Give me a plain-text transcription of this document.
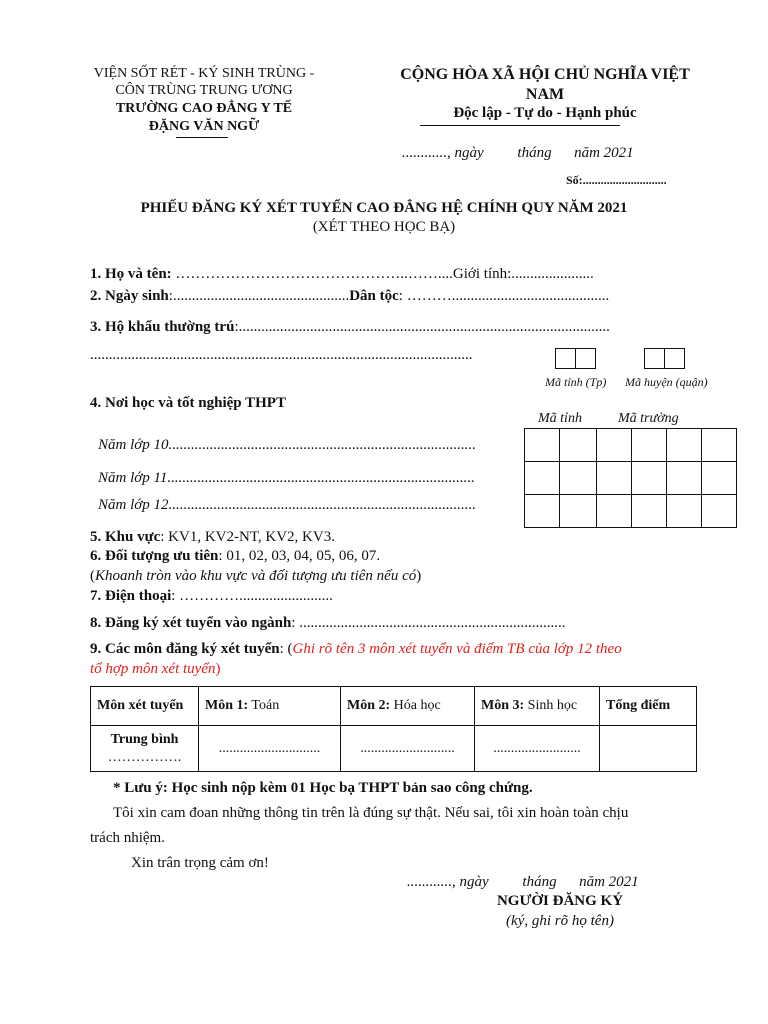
VIỆN SỐT RÉT - KÝ SINH TRÙNG -
CÔN TRÙNG TRUNG ƯƠNG
TRƯỜNG CAO ĐẲNG Y TẾ
ĐẶNG VĂN NGỮ
CỘNG HÒA XÃ HỘI CHỦ NGHĨA VIỆT
NAM
Độc lập - Tự do - Hạnh phúc
............, ngày         tháng      năm 2021
Số:............................
PHIẾU ĐĂNG KÝ XÉT TUYỂN CAO ĐẲNG HỆ CHÍNH QUY NĂM 2021
(XÉT THEO HỌC BẠ)
1. Họ và tên: ………………………………………..……....Giới tính:......................
2. Ngày sinh:...............................................Dân tộc: ………..........................................
3. Hộ khẩu thường trú:...................................................................................................
......................................................................................................

Mã tỉnh (Tp) Mã huyện (quận)
4. Nơi học và tốt nghiệp THPT
Mã tỉnh	Mã trường
Năm lớp 10..................................................................................
Năm lớp 11..................................................................................
Năm lớp 12..................................................................................

5. Khu vực: KV1, KV2-NT, KV2, KV3.
6. Đối tượng ưu tiên: 01, 02, 03, 04, 05, 06, 07.
(Khoanh tròn vào khu vực và đối tượng ưu tiên nếu có)
7. Điện thoại: ………….........................
8. Đăng ký xét tuyển vào ngành: .......................................................................
9. Các môn đăng ký xét tuyển: (Ghi rõ tên 3 môn xét tuyển và điểm TB của lớp 12 theo
tổ hợp môn xét tuyển)
Môn xét tuyển	Môn 1: Toán	Môn 2: Hóa học	Môn 3: Sinh học	Tổng điểm

Trung bình
…………….	.............................	...........................	.........................	
* Lưu ý: Học sinh nộp kèm 01 Học bạ THPT bản sao công chứng.
Tôi xin cam đoan những thông tin trên là đúng sự thật. Nếu sai, tôi xin hoàn toàn chịu
trách nhiệm.
Xin trân trọng cảm ơn!
............, ngày         tháng      năm 2021
NGƯỜI ĐĂNG KÝ
(ký, ghi rõ họ tên)
